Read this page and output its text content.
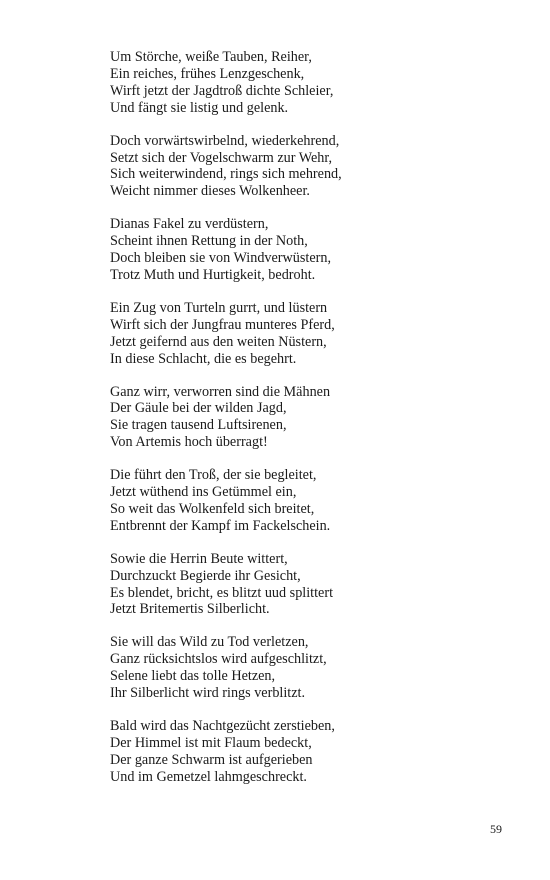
Um Störche, weiße Tauben, Reiher,
Ein reiches, frühes Lenzgeschenk,
Wirft jetzt der Jagdtroß dichte Schleier,
Und fängt sie listig und gelenk.
Doch vorwärtswirbelnd, wiederkehrend,
Setzt sich der Vogelschwarm zur Wehr,
Sich weiterwindend, rings sich mehrend,
Weicht nimmer dieses Wolkenheer.
Dianas Fakel zu verdüstern,
Scheint ihnen Rettung in der Noth,
Doch bleiben sie von Windverwüstern,
Trotz Muth und Hurtigkeit, bedroht.
Ein Zug von Turteln gurrt, und lüstern
Wirft sich der Jungfrau munteres Pferd,
Jetzt geifernd aus den weiten Nüstern,
In diese Schlacht, die es begehrt.
Ganz wirr, verworren sind die Mähnen
Der Gäule bei der wilden Jagd,
Sie tragen tausend Luftsirenen,
Von Artemis hoch überragt!
Die führt den Troß, der sie begleitet,
Jetzt wüthend ins Getümmel ein,
So weit das Wolkenfeld sich breitet,
Entbrennt der Kampf im Fackelschein.
Sowie die Herrin Beute wittert,
Durchzuckt Begierde ihr Gesicht,
Es blendet, bricht, es blitzt uud splittert
Jetzt Britemertis Silberlicht.
Sie will das Wild zu Tod verletzen,
Ganz rücksichtslos wird aufgeschlitzt,
Selene liebt das tolle Hetzen,
Ihr Silberlicht wird rings verblitzt.
Bald wird das Nachtgezücht zerstieben,
Der Himmel ist mit Flaum bedeckt,
Der ganze Schwarm ist aufgerieben
Und im Gemetzel lahmgeschreckt.
59
